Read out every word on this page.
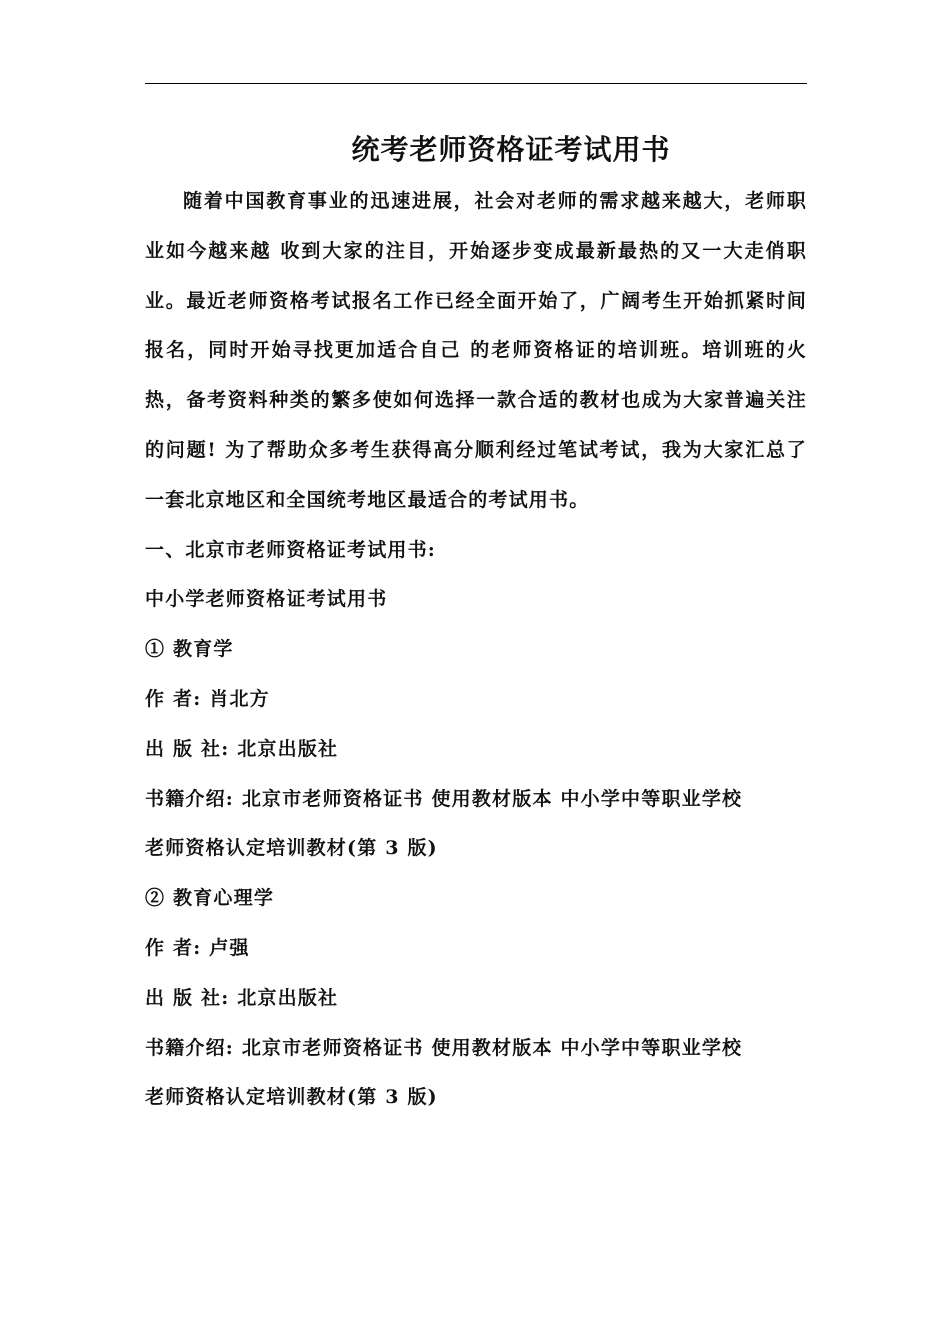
统考老师资格证考试用书

随着中国教育事业的迅速进展，社会对老师的需求越来越大，老师职业如今越来越 收到大家的注目，开始逐步变成最新最热的又一大走俏职业。最近老师资格考试报名工作已经全面开始了，广阔考生开始抓紧时间报名，同时开始寻找更加适合自己 的老师资格证的培训班。培训班的火热，备考资料种类的繁多使如何选择一款合适的教材也成为大家普遍关注的问题! 为了帮助众多考生获得高分顺利经过笔试考试，我为大家汇总了一套北京地区和全国统考地区最适合的考试用书。

一、北京市老师资格证考试用书:

中小学老师资格证考试用书

① 教育学

作 者: 肖北方

出 版 社: 北京出版社

书籍介绍: 北京市老师资格证书 使用教材版本 中小学中等职业学校

老师资格认定培训教材(第 3 版)

② 教育心理学

作 者: 卢强

出 版 社: 北京出版社

书籍介绍: 北京市老师资格证书 使用教材版本 中小学中等职业学校

老师资格认定培训教材(第 3 版)
